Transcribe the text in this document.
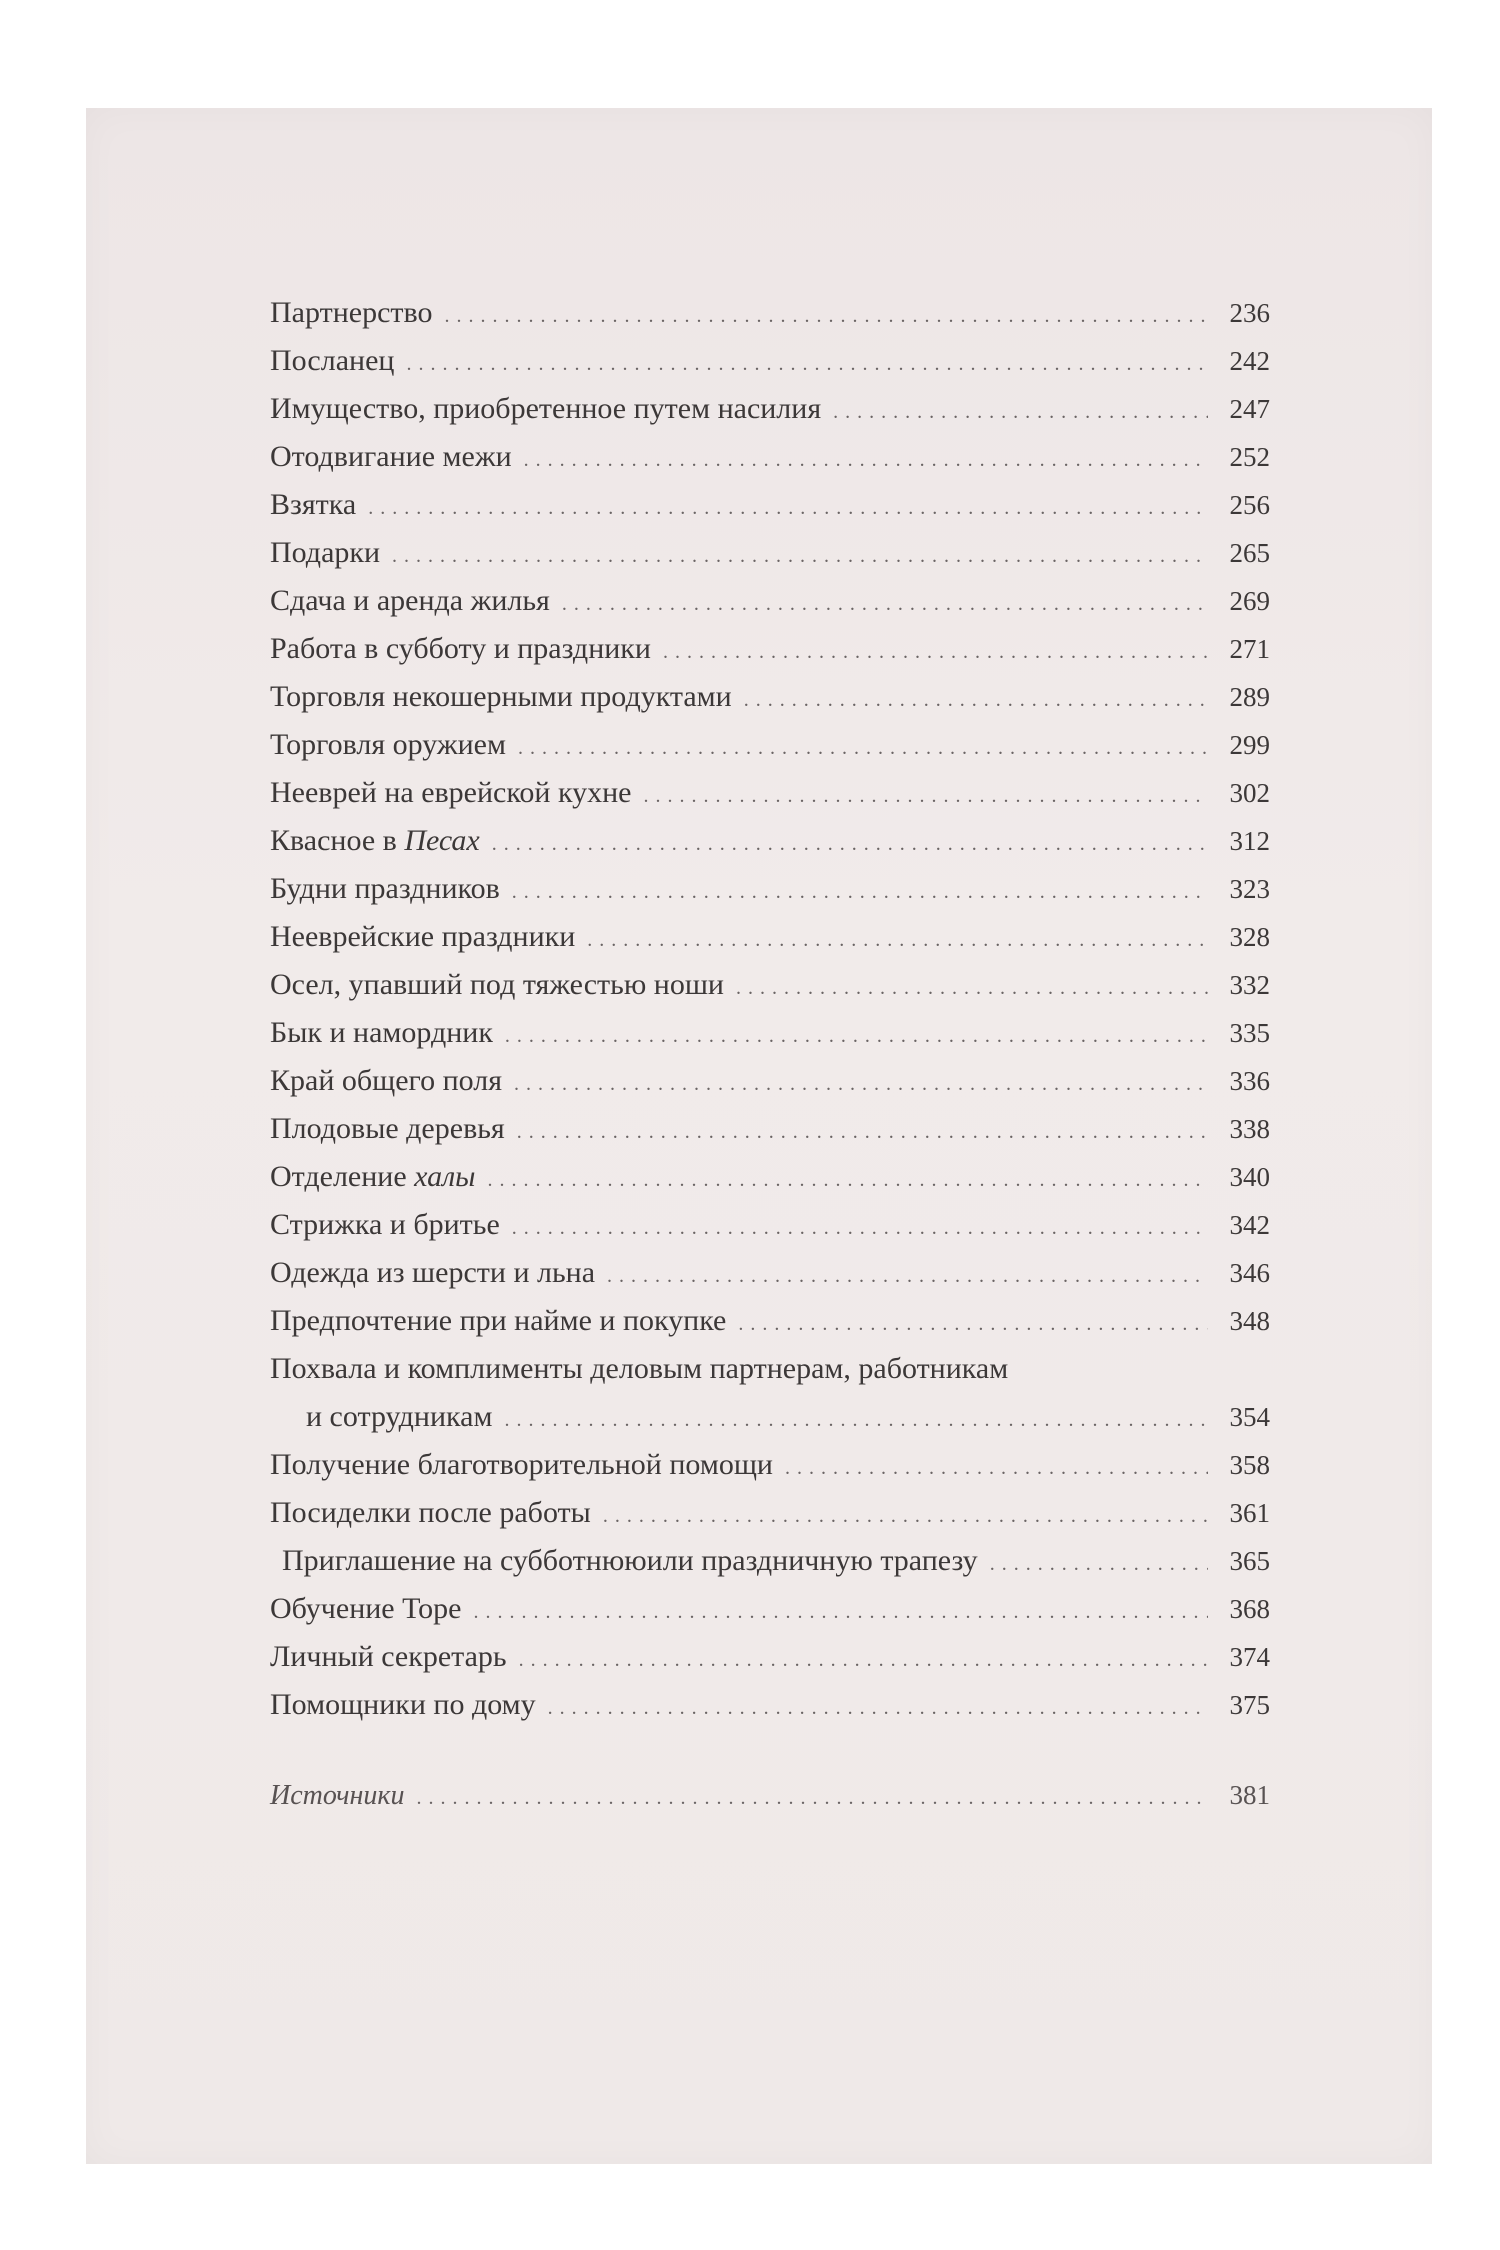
Партнерство . . .	236
Посланец . . .	242
Имущество, приобретенное путем насилия . . .	247
Отодвигание межи . . .	252
Взятка . . .	256
Подарки . . .	265
Сдача и аренда жилья . . .	269
Работа в субботу и праздники . . .	271
Торговля некошерными продуктами . . .	289
Торговля оружием . . .	299
Нееврей на еврейской кухне . . .	302
Квасное в Песах . . .	312
Будни праздников . . .	323
Нееврейские праздники . . .	328
Осел, упавший под тяжестью ноши . . .	332
Бык и намордник . . .	335
Край общего поля . . .	336
Плодовые деревья . . .	338
Отделение халы . . .	340
Стрижка и бритье . . .	342
Одежда из шерсти и льна . . .	346
Предпочтение при найме и покупке . . .	348
Похвала и комплименты деловым партнерам, работникам
и сотрудникам . . .	354
Получение благотворительной помощи . . .	358
Посиделки после работы . . .	361
Приглашение на субботнююили праздничную трапезу . . .	365
Обучение Торе . . .	368
Личный секретарь . . .	374
Помощники по дому . . .	375
Источники . . .	381
